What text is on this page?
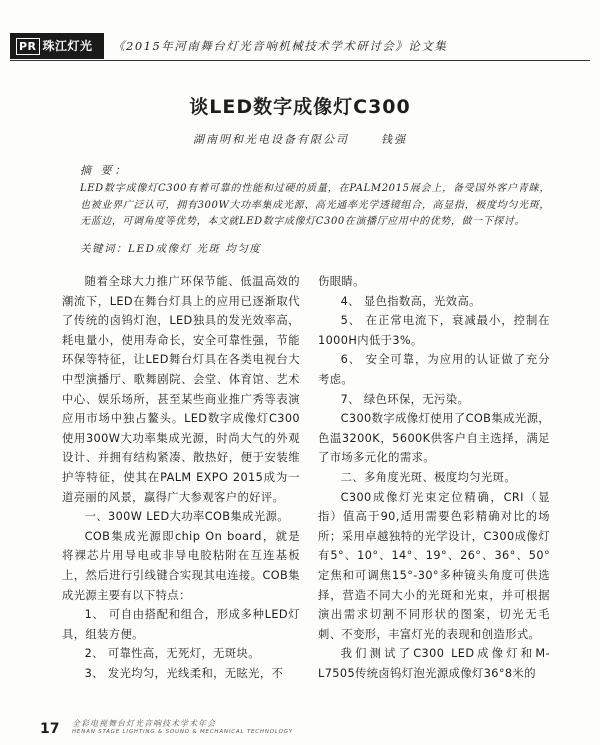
PR 珠江灯光	《2015年河南舞台灯光音响机械技术学术研讨会》论文集
谈LED数字成像灯C300
湖南明和光电设备有限公司	钱强
摘 要：
LED数字成像灯C300有着可靠的性能和过硬的质量，在PALM2015展会上，备受国外客户青睐，也被业界广泛认可，拥有300W大功率集成光源、高光通率光学透镜组合，高显指，极度均匀光斑，无蓝边，可调角度等优势，本文就LED数字成像灯C300在演播厅应用中的优势，做一下探讨。
关键词：LED成像灯 光斑 均匀度

随着全球大力推广环保节能、低温高效的潮流下，LED在舞台灯具上的应用已逐渐取代了传统的卤钨灯泡，LED独具的发光效率高，耗电量小，使用寿命长，安全可靠性强，节能环保等特征，让LED舞台灯具在各类电视台大中型演播厅、歌舞剧院、会堂、体育馆、艺术中心、娱乐场所，甚至某些商业推广秀等表演应用市场中独占鳌头。LED数字成像灯C300使用300W大功率集成光源，时尚大气的外观设计、并拥有结构紧凑、散热好，便于安装维护等特征，使其在PALM EXPO 2015成为一道亮丽的风景，赢得广大参观客户的好评。

一、300W LED大功率COB集成光源。

COB集成光源即chip On board，就是将裸芯片用导电或非导电胶粘附在互连基板上，然后进行引线键合实现其电连接。COB集成光源主要有以下特点：

1、 可自由搭配和组合，形成多种LED灯具，组装方便。

2、 可靠性高，无死灯，无斑块。

3、 发光均匀，光线柔和，无眩光，不

伤眼睛。

4、 显色指数高，光效高。

5、 在正常电流下，衰减最小，控制在1000H内低于3%。

6、 安全可靠，为应用的认证做了充分考虑。

7、 绿色环保，无污染。

C300数字成像灯使用了COB集成光源，色温3200K，5600K供客户自主选择，满足了市场多元化的需求。

二、多角度光斑、极度均匀光斑。

C300成像灯光束定位精确，CRI（显指）值高于90,适用需要色彩精确对比的场所；采用卓越独特的光学设计，C300成像灯有5°、10°、14°、19°、26°、36°、50°定焦和可调焦15°-30°多种镜头角度可供选择，营造不同大小的光斑和光束，并可根据演出需求切割不同形状的图案，切光无毛刺、不变形，丰富灯光的表现和创造形式。

我们测试了C300 LED成像灯和M-L7505传统卤钨灯泡光源成像灯36°8米的

17 全彩电视舞台灯光音响技术学术年会
HENAN STAGE LIGHTING & SOUND & MECHANICAL TECHNOLOGY
